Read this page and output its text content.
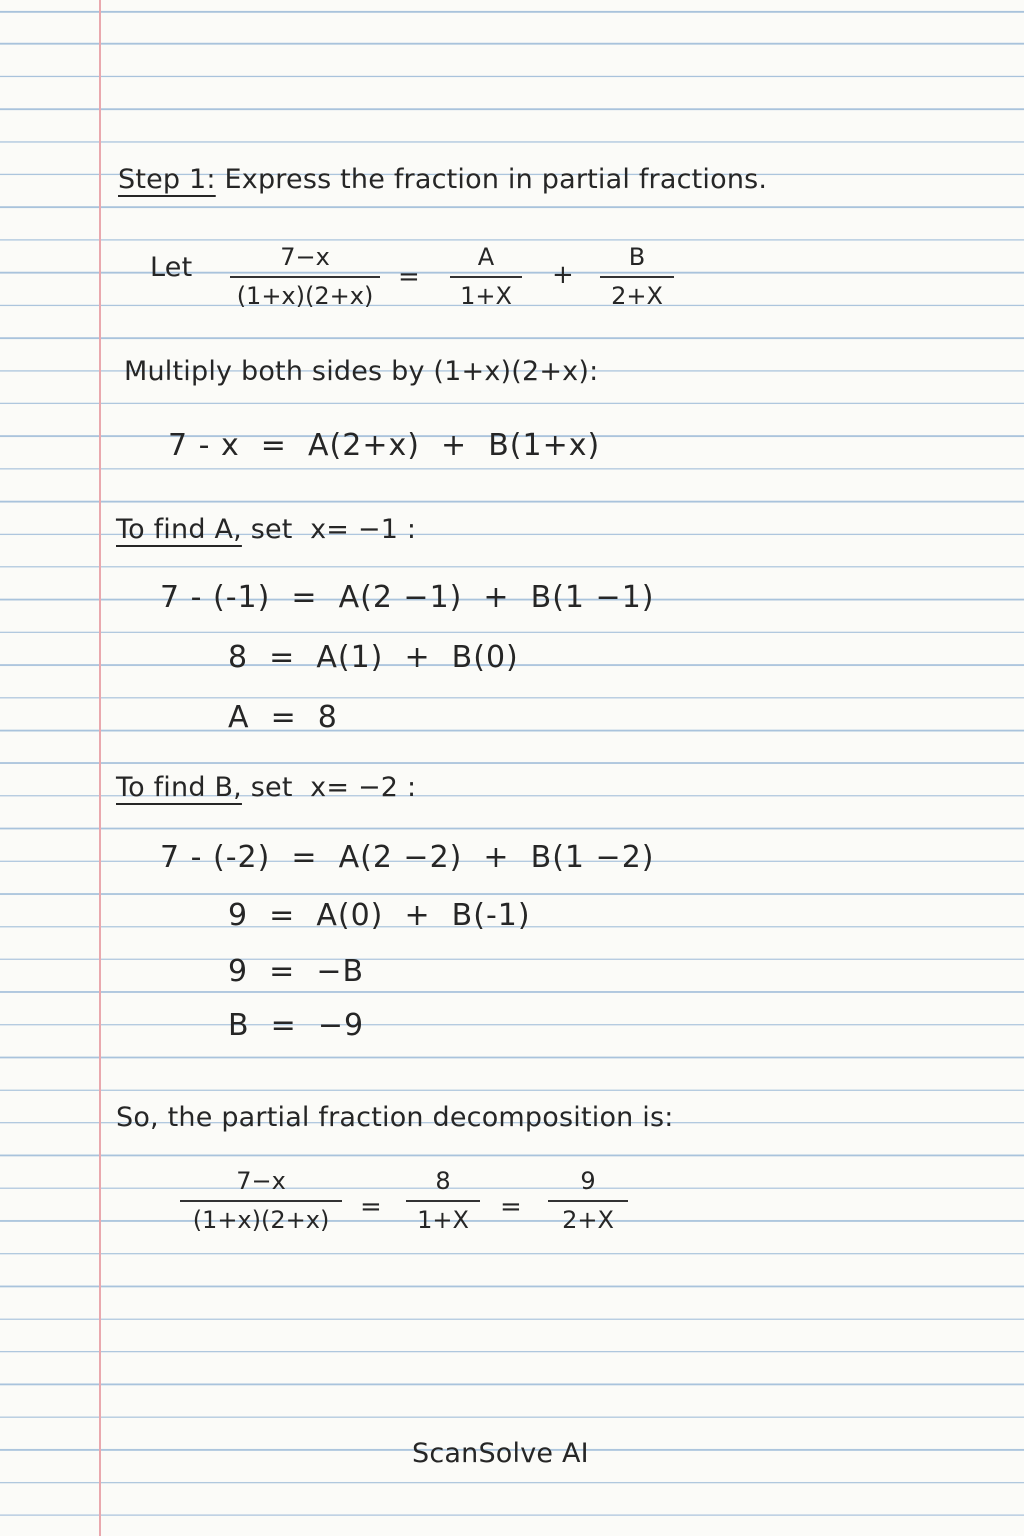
Step 1: Express the fraction in partial fractions.
Let	7−x
(1+x)(2+x)
=
A
1+X
+
B
2+X
Multiply both sides by (1+x)(2+x):
7 - x  =  A(2+x)  +  B(1+x)
To find A, set  x= −1 :
7 - (-1)  =  A(2 −1)  +  B(1 −1)
8  =  A(1)  +  B(0)
A  =  8
To find B, set  x= −2 :
7 - (-2)  =  A(2 −2)  +  B(1 −2)
9  =  A(0)  +  B(-1)
9  =  −B
B  =  −9
So, the partial fraction decomposition is:
7−x
(1+x)(2+x) =
8
1+X =
9
2+X
ScanSolve AI
